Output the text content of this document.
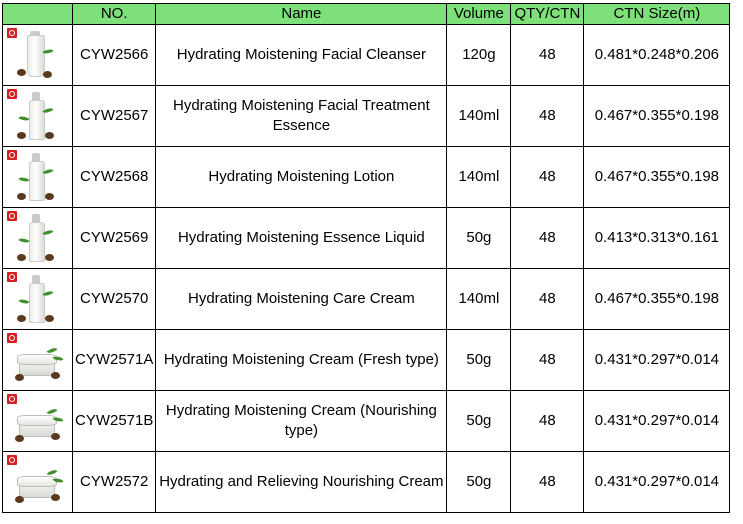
	NO.	Name	Volume	QTY/CTN	CTN Size(m)

	CYW2566	Hydrating Moistening Facial Cleanser	120g	48	0.481*0.248*0.206

	CYW2567	Hydrating Moistening Facial Treatment Essence	140ml	48	0.467*0.355*0.198

	CYW2568	Hydrating Moistening Lotion	140ml	48	0.467*0.355*0.198

	CYW2569	Hydrating Moistening Essence Liquid	50g	48	0.413*0.313*0.161

	CYW2570	Hydrating Moistening Care Cream	140ml	48	0.467*0.355*0.198

	CYW2571A	Hydrating Moistening Cream (Fresh type)	50g	48	0.431*0.297*0.014

	CYW2571B	Hydrating Moistening Cream (Nourishing type)	50g	48	0.431*0.297*0.014

	CYW2572	Hydrating and Relieving Nourishing Cream	50g	48	0.431*0.297*0.014
